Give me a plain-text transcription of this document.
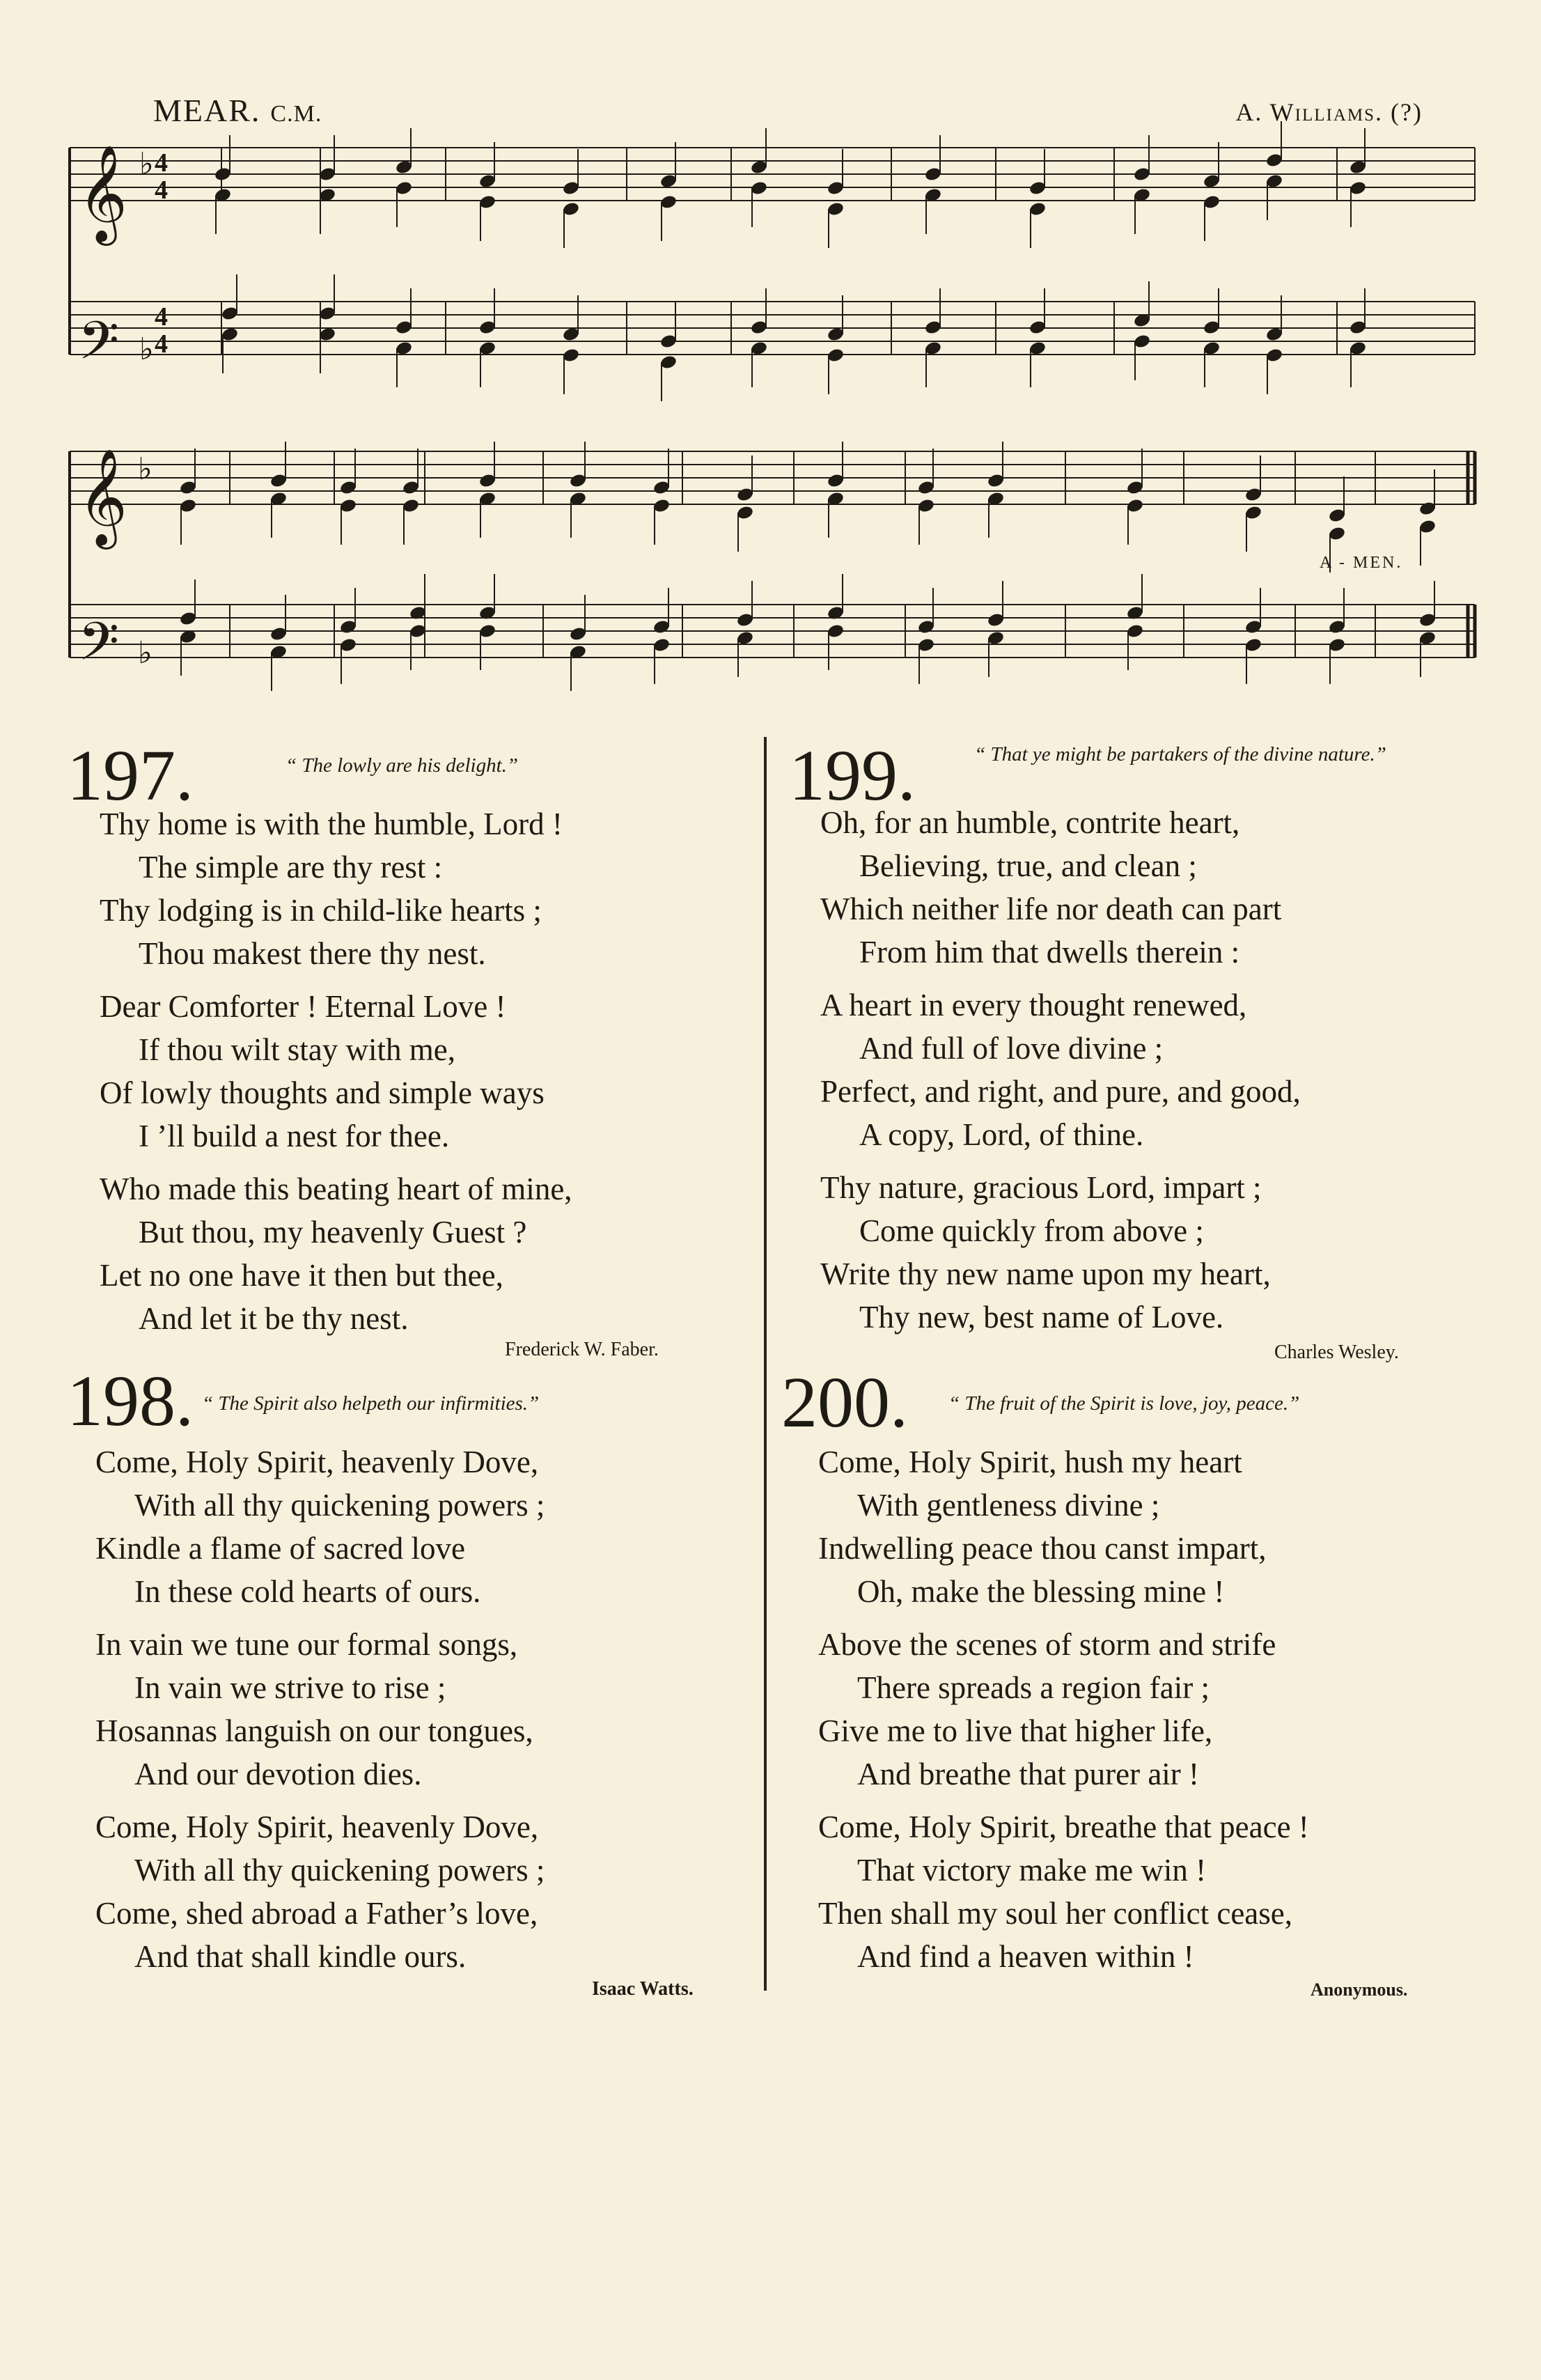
MEAR. C.M.	A. Williams. (?)
𝄞
𝄢
𝄞
𝄢
4
4
4
4
♭
♭
♭
♭
A - MEN.
197.	“ The lowly are his delight.”
Thy home is with the humble, Lord !
The simple are thy rest :
Thy lodging is in child-like hearts ;
Thou makest there thy nest.
Dear Comforter ! Eternal Love !
If thou wilt stay with me,
Of lowly thoughts and simple ways
I ’ll build a nest for thee.
Who made this beating heart of mine,
But thou, my heavenly Guest ?
Let no one have it then but thee,
And let it be thy nest.
Frederick W. Faber.
198. “ The Spirit also helpeth our infirmities.”
Come, Holy Spirit, heavenly Dove,
With all thy quickening powers ;
Kindle a flame of sacred love
In these cold hearts of ours.
In vain we tune our formal songs,
In vain we strive to rise ;
Hosannas languish on our tongues,
And our devotion dies.
Come, Holy Spirit, heavenly Dove,
With all thy quickening powers ;
Come, shed abroad a Father’s love,
And that shall kindle ours.
Isaac Watts.
199.	“ That ye might be partakers of the divine nature.”
Oh, for an humble, contrite heart,
Believing, true, and clean ;
Which neither life nor death can part
From him that dwells therein :
A heart in every thought renewed,
And full of love divine ;
Perfect, and right, and pure, and good,
A copy, Lord, of thine.
Thy nature, gracious Lord, impart ;
Come quickly from above ;
Write thy new name upon my heart,
Thy new, best name of Love.
Charles Wesley.
200. “ The fruit of the Spirit is love, joy, peace.”
Come, Holy Spirit, hush my heart
With gentleness divine ;
Indwelling peace thou canst impart,
Oh, make the blessing mine !
Above the scenes of storm and strife
There spreads a region fair ;
Give me to live that higher life,
And breathe that purer air !
Come, Holy Spirit, breathe that peace !
That victory make me win !
Then shall my soul her conflict cease,
And find a heaven within !
Anonymous.
